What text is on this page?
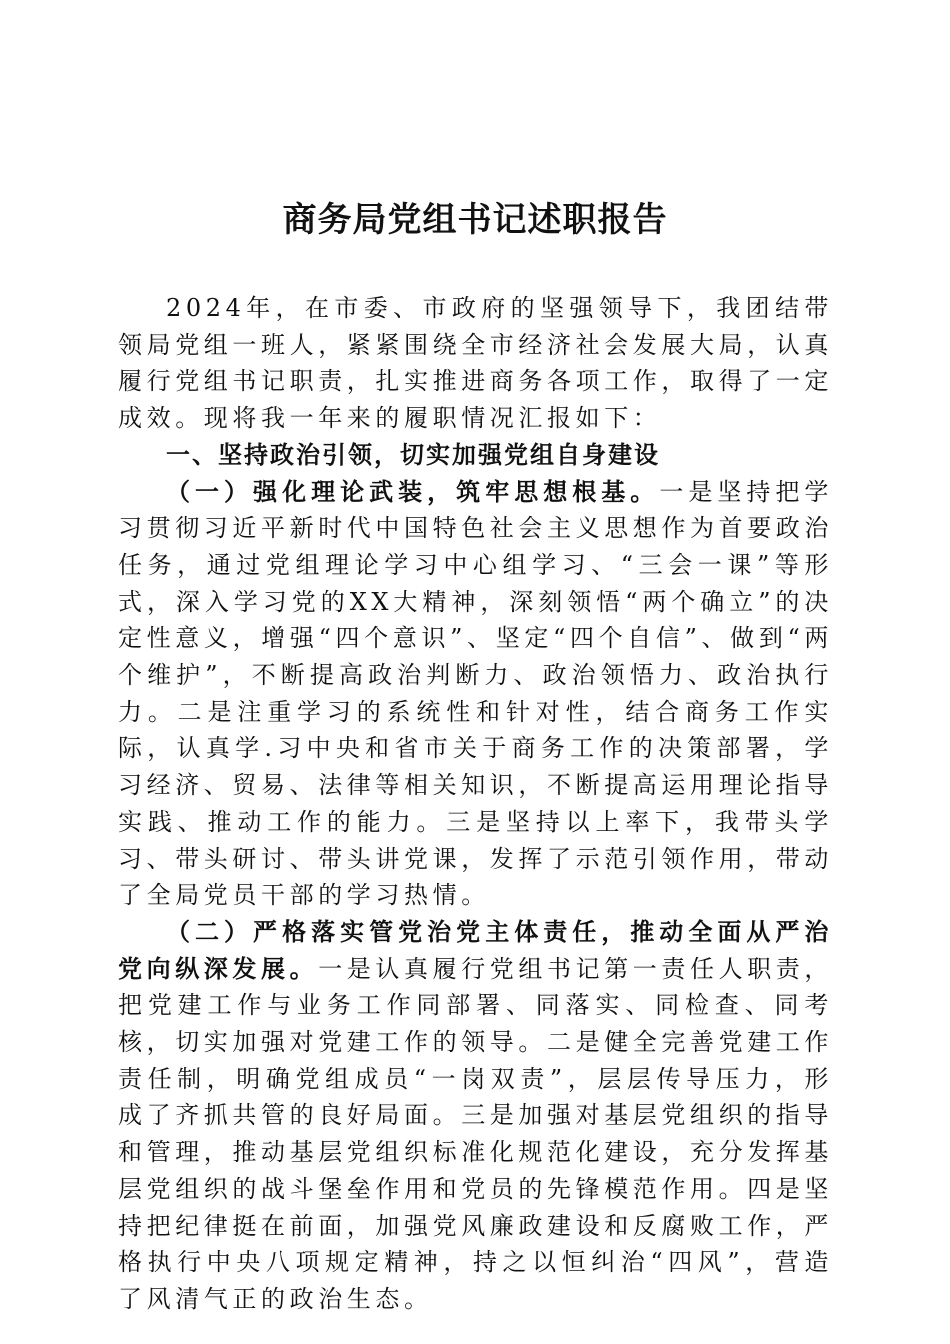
商务局党组书记述职报告

2024年，在市委、市政府的坚强领导下，我团结带领局党组一班人，紧紧围绕全市经济社会发展大局，认真履行党组书记职责，扎实推进商务各项工作，取得了一定成效。现将我一年来的履职情况汇报如下：

一、坚持政治引领，切实加强党组自身建设

（一）强化理论武装，筑牢思想根基。一是坚持把学习贯彻习近平新时代中国特色社会主义思想作为首要政治任务，通过党组理论学习中心组学习、“三会一课”等形式，深入学习党的XX大精神，深刻领悟“两个确立”的决定性意义，增强“四个意识”、坚定“四个自信”、做到“两个维护”，不断提高政治判断力、政治领悟力、政治执行力。二是注重学习的系统性和针对性，结合商务工作实际，认真学.习中央和省市关于商务工作的决策部署，学习经济、贸易、法律等相关知识，不断提高运用理论指导实践、推动工作的能力。三是坚持以上率下，我带头学习、带头研讨、带头讲党课，发挥了示范引领作用，带动了全局党员干部的学习热情。

（二）严格落实管党治党主体责任，推动全面从严治党向纵深发展。一是认真履行党组书记第一责任人职责，把党建工作与业务工作同部署、同落实、同检查、同考核，切实加强对党建工作的领导。二是健全完善党建工作责任制，明确党组成员“一岗双责”，层层传导压力，形成了齐抓共管的良好局面。三是加强对基层党组织的指导和管理，推动基层党组织标准化规范化建设，充分发挥基层党组织的战斗堡垒作用和党员的先锋模范作用。四是坚持把纪律挺在前面，加强党风廉政建设和反腐败工作，严格执行中央八项规定精神，持之以恒纠治“四风”，营造了风清气正的政治生态。
